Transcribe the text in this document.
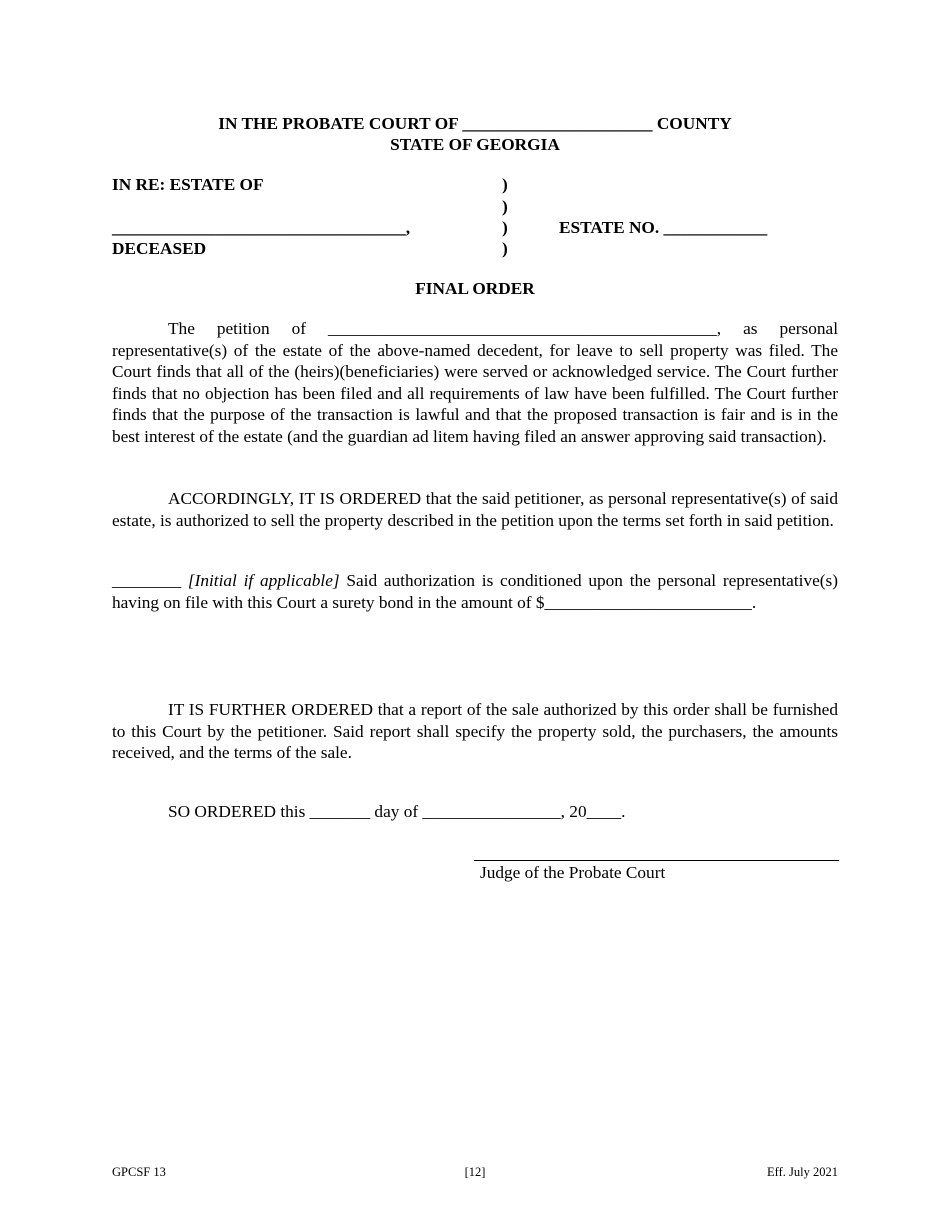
IN THE PROBATE COURT OF ______________________ COUNTY
STATE OF GEORGIA
IN RE: ESTATE OF
__________________________________,
DECEASED
)
)
)
)
ESTATE NO. ____________
FINAL ORDER

The petition of _____________________________________________, as personal representative(s) of the estate of the above-named decedent, for leave to sell property was filed. The Court finds that all of the (heirs)(beneficiaries) were served or acknowledged service. The Court further finds that no objection has been filed and all requirements of law have been fulfilled. The Court further finds that the purpose of the transaction is lawful and that the proposed transaction is fair and is in the best interest of the estate (and the guardian ad litem having filed an answer approving said transaction).

ACCORDINGLY, IT IS ORDERED that the said petitioner, as personal representative(s) of said estate, is authorized to sell the property described in the petition upon the terms set forth in said petition.

________ [Initial if applicable] Said authorization is conditioned upon the personal representative(s) having on file with this Court a surety bond in the amount of $________________________.

IT IS FURTHER ORDERED that a report of the sale authorized by this order shall be furnished to this Court by the petitioner. Said report shall specify the property sold, the purchasers, the amounts received, and the terms of the sale.

SO ORDERED this _______ day of ________________, 20____.
Judge of the Probate Court
GPCSF 13	[12]	Eff. July 2021
